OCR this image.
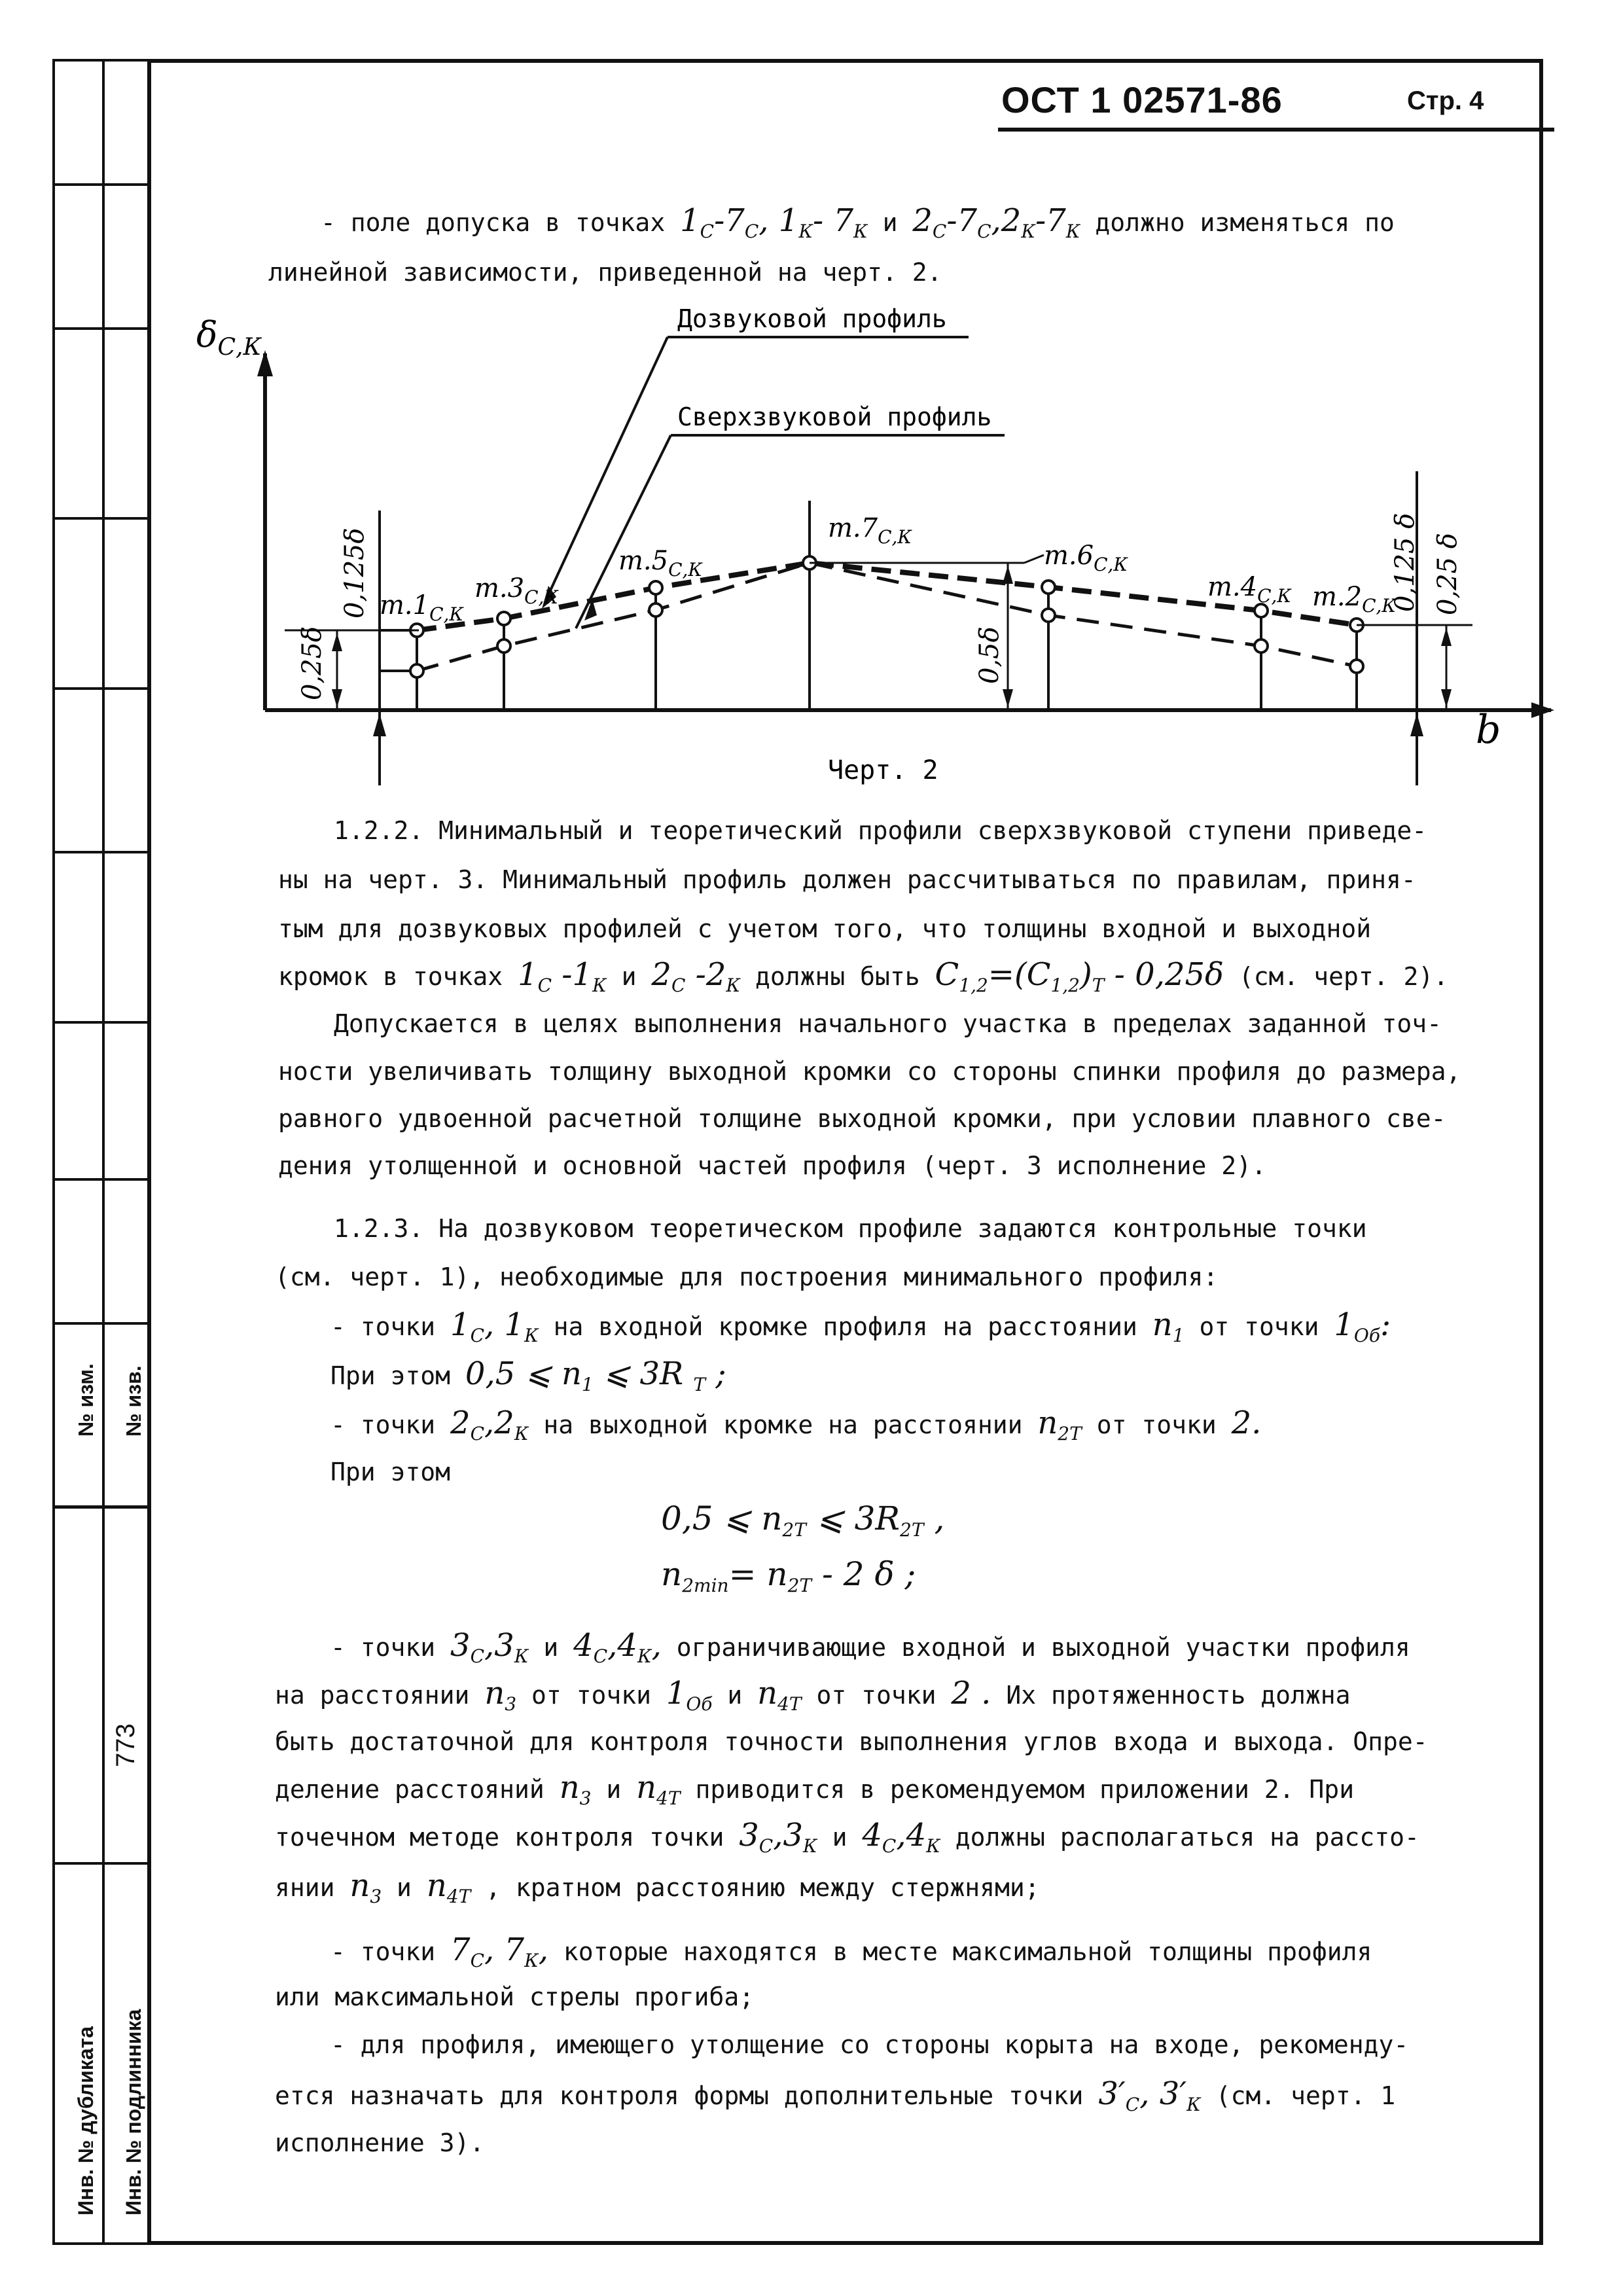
ОСТ 1 02571-86	Стр. 4
№ изм. № изв.
Инв. № дубликата Инв. № подлинника
773
- поле допуска в точках $1_С-7_С$, $1_К-$ $7_К$ и $2_С-7_С,2_К-7_К$ должно изменяться по
линейной зависимости, приведенной на черт. 2.
$\delta_{С,К}$
b
Дозвуковой профиль
Сверхзвуковой профиль
$т.1_{С,К}$
$т.3_{С,К}$
$т.5_{С,К}$
$т.7_{С,К}$
$т.6_{С,К}$
$т.4_{С,К}$ $т.2_{С,К}$
0,125δ
0,25δ	0,5δ
0,125 δ 0,25 δ
Черт. 2
1.2.2. Минимальный и теоретический профили сверхзвуковой ступени приведе-
ны на черт. 3. Минимальный профиль должен рассчитываться по правилам, приня-
тым для дозвуковых профилей с учетом того, что толщины входной и выходной
кромок в точках $1_С$ $-1_К$ и $2_С$ $-2_К$ должны быть $C_{1,2}=(C_{1,2})_T - 0,25\delta$ (см. черт. 2).
Допускается в целях выполнения начального участка в пределах заданной точ-
ности увеличивать толщину выходной кромки со стороны спинки профиля до размера,
равного удвоенной расчетной толщине выходной кромки, при условии плавного све-
дения утолщенной и основной частей профиля (черт. 3 исполнение 2).
1.2.3. На дозвуковом теоретическом профиле задаются контрольные точки
(см. черт. 1), необходимые для построения минимального профиля:
- точки $1_С$, $1_К$ на входной кромке профиля на расстоянии $n_1$ от точки $1_{Oб}$:
При этом 0,5 ⩽ $n_1$ ⩽ 3R $_T$ ;
- точки $2_С,2_К$ на выходной кромке на расстоянии $n_{2T}$ от точки 2.
При этом
0,5 ⩽ $n_{2T}$ ⩽ $3R_{2T}$ ,
$n_{2min}= n_{2T} - 2$ δ ;
- точки $3_С,3_К$ и $4_С,4_К$, ограничивающие входной и выходной участки профиля
на расстоянии $n_3$ от точки $1_{Oб}$ и $n_{4T}$ от точки 2 . Их протяженность должна
быть достаточной для контроля точности выполнения углов входа и выхода. Опре-
деление расстояний $n_3$ и $n_{4T}$ приводится в рекомендуемом приложении 2. При
точечном методе контроля точки $3_С,3_К$ и $4_С,4_К$ должны располагаться на рассто-
янии $n_3$ и $n_{4T}$ , кратном расстоянию между стержнями;
- точки $7_С$, $7_К$, которые находятся в месте максимальной толщины профиля
или максимальной стрелы прогиба;
- для профиля, имеющего утолщение со стороны корыта на входе, рекоменду-
ется назначать для контроля формы дополнительные точки $3'_С$, $3'_К$ (см. черт. 1
исполнение 3).
